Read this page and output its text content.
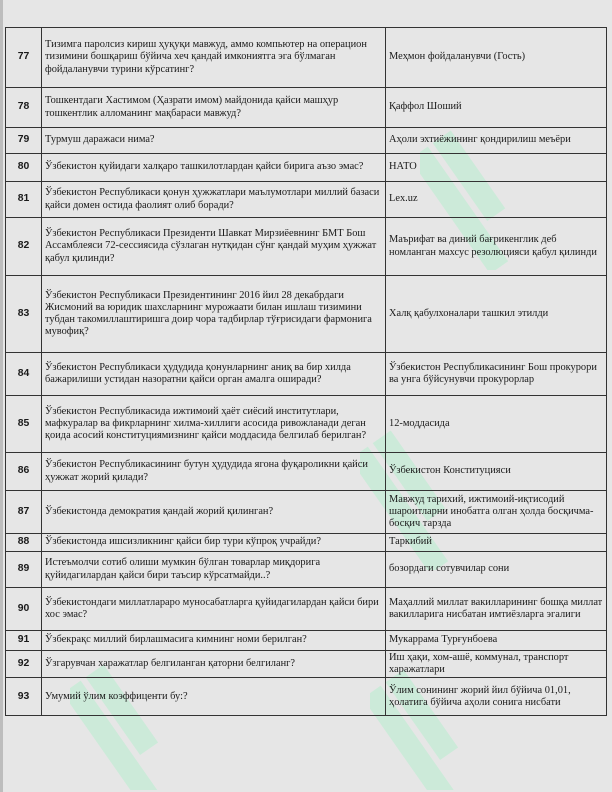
77	Тизимга паролсиз кириш ҳуқуқи мавжуд, аммо компьютер на операцион тизимини бошқариш бўйича хеч қандай имкониятга эга бўлмаган фойдаланувчи турини кўрсатинг?	Меҳмон фойдаланувчи (Гость)
78	Тошкентдаги Хастимом (Ҳазрати имом) майдонида қайси машҳур тошкентлик алломанинг мақбараси мавжуд?	Қаффол Шоший
79	Турмуш даражаси нима?	Аҳоли эхтиёжининг қондирилиш меъёри
80	Ўзбекистон қуйидаги халқаро ташкилотлардан қайси бирига аъзо эмас?	НАТО
81	Ўзбекистон Республикаси қонун ҳужжатлари маълумотлари миллий базаси қайси домен остида фаолият олиб боради?	Lex.uz
82	Ўзбекистон Республикаси Президенти Шавкат Мирзиёевнинг БМТ Бош Ассамблеяси 72-сессиясида сўзлаган нутқидан сўнг қандай муҳим ҳужжат қабул қилинди?	Маърифат ва диний бағрикенглик деб номланган махсус резолюцияси қабул қилинди
83	Ўзбекистон Республикаси Президентининг 2016 йил 28 декабрдаги Жисмоний ва юридик шахсларнинг мурожаати билан ишлаш тизимини тубдан такомиллаштиришга доир чора тадбирлар тўғрисидаги фармонига мувофиқ?	Халқ қабулхоналари ташкил этилди
84	Ўзбекистон Республикаси ҳудудида қонунларнинг аниқ ва бир хилда бажарилиши устидан назоратни қайси орган амалга оширади?	Ўзбекистон Республикасининг Бош прокурори ва унга бўйсунувчи прокурорлар
85	Ўзбекистон Республикасида ижтимоий ҳаёт сиёсий институтлари, мафкуралар ва фикрларнинг хилма-хиллиги асосида ривожланади деган қоида асосий конституциямизнинг қайси моддасида белгилаб берилган?	12-моддасида
86	Ўзбекистон Республикасининг бутун ҳудудида ягона фуқароликни қайси ҳужжат жорий қилади?	Ўзбекистон Конституцияси
87	Ўзбекистонда демократия қандай жорий қилинган?	Мавжуд тарихий, ижтимоий-иқтисодий шароитларни инобатга олган ҳолда босқичма-босқич тарзда
88	Ўзбекистонда ишсизликнинг қайси бир тури кўпроқ учрайди?	Таркибий
89	Истеъмолчи сотиб олиши мумкин бўлган товарлар миқдорига қуйидагилардан қайси бири таъсир кўрсатмайди..?	бозордаги сотувчилар сони
90	Ўзбекистондаги миллатлараро муносабатларга қуйидагилардан қайси бири хос эмас?	Маҳаллий миллат вакилларининг бошқа миллат вакилларига нисбатан имтиёзларга эгалиги
91	Ўзбекрақс миллий бирлашмасига кимнинг номи берилган?	Мукаррама Турғунбоева
92	Ўзгарувчан харажатлар белгиланган қаторни белгиланг?	Иш ҳақи, хом-ашё, коммунал, транспорт харажатлари
93	Умумий ўлим коэффиценти бу:?	Ўлим сонининг жорий йил бўйича 01,01, ҳолатига бўйича аҳоли сонига нисбати
